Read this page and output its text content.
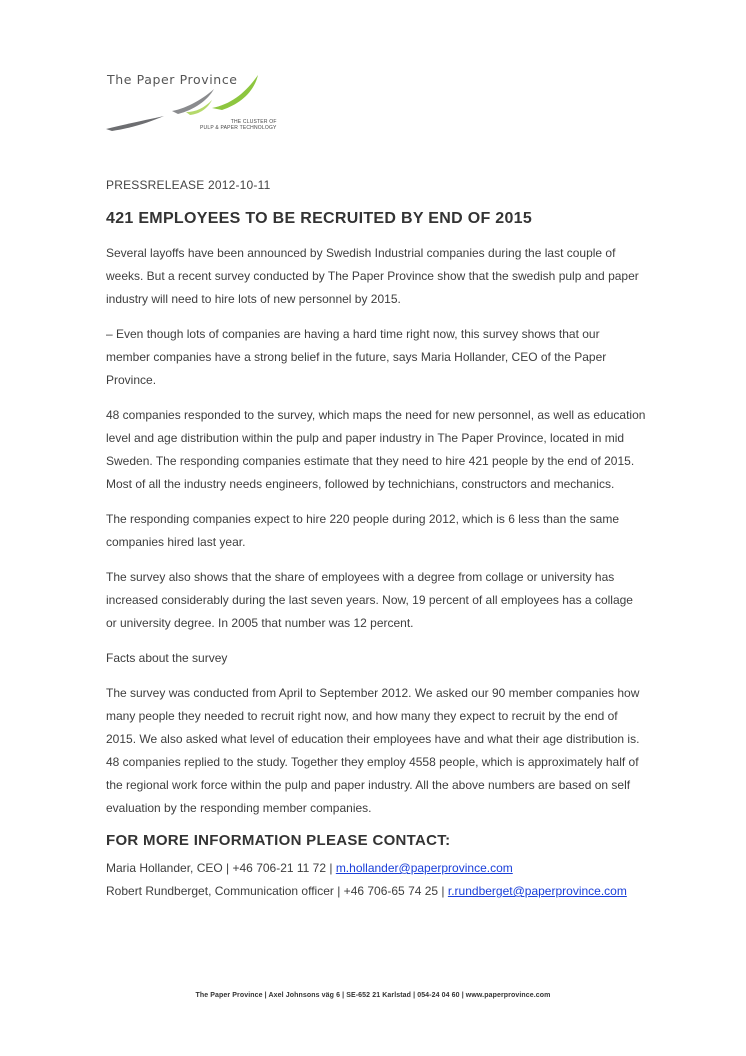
The Paper Province
THE CLUSTER OF
PULP & PAPER TECHNOLOGY
PRESSRELEASE 2012-10-11
421 EMPLOYEES TO BE RECRUITED BY END OF 2015

Several layoffs have been announced by Swedish Industrial companies during the last couple of weeks. But a recent survey conducted by The Paper Province show that the swedish pulp and paper industry will need to hire lots of new personnel by 2015.

– Even though lots of companies are having a hard time right now, this survey shows that our member companies have a strong belief in the future, says Maria Hollander, CEO of the Paper Province.

48 companies responded to the survey, which maps the need for new personnel, as well as education level and age distribution within the pulp and paper industry in The Paper Province, located in mid Sweden. The responding companies estimate that they need to hire 421 people by the end of 2015. Most of all the industry needs engineers, followed by technichians, constructors and mechanics.

The responding companies expect to hire 220 people during 2012, which is 6 less than the same companies hired last year.

The survey also shows that the share of employees with a degree from collage or university has increased considerably during the last seven years. Now, 19 percent of all employees has a collage or university degree. In 2005 that number was 12 percent.

Facts about the survey

The survey was conducted from April to September 2012. We asked our 90 member companies how many people they needed to recruit right now, and how many they expect to recruit by the end of 2015. We also asked what level of education their employees have and what their age distribution is. 48 companies replied to the study. Together they employ 4558 people, which is approximately half of the regional work force within the pulp and paper industry. All the above numbers are based on self evaluation by the responding member companies.

FOR MORE INFORMATION PLEASE CONTACT:

Maria Hollander, CEO | +46 706-21 11 72 | m.hollander@paperprovince.com

Robert Rundberget, Communication officer | +46 706-65 74 25 | r.rundberget@paperprovince.com

The Paper Province | Axel Johnsons väg 6 | SE-652 21 Karlstad | 054-24 04 60 | www.paperprovince.com
